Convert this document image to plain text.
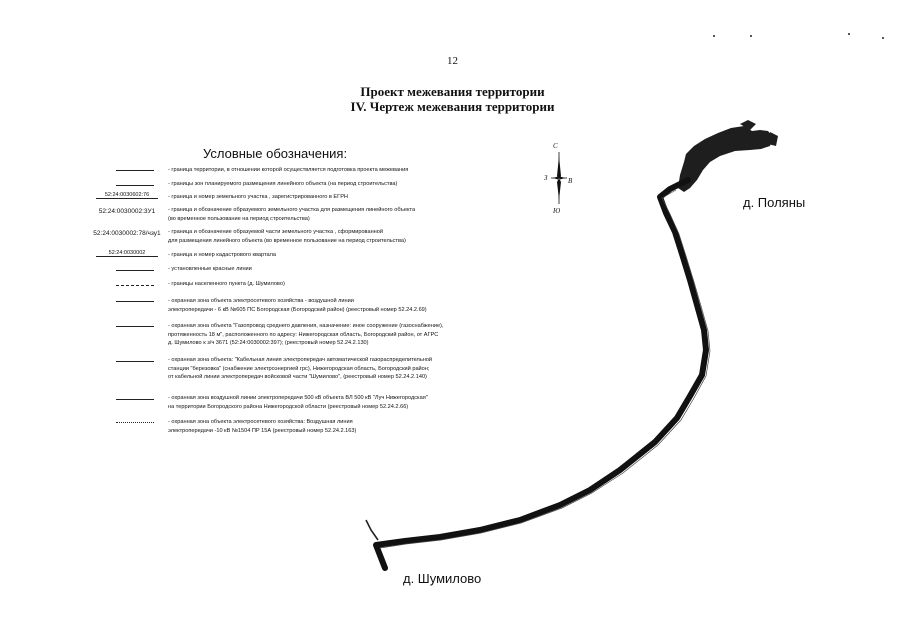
12
Проект межевания территории
IV. Чертеж межевания территории
Условные обозначения:
- граница территории, в отношении которой осуществляется подготовка проекта межевания
- границы зон планируемого размещения линейного объекта (на период строительства)
52:24:0030602:76	- граница и номер земельного участка , зарегистрированного в ЕГРН
52:24:0030002:3У1	- граница и обозначение образуемого земельного участка для размещения линейного объекта
(во временное пользование на период строительства)
52:24:0030002:78/чзу1 - граница и обозначение образуемой части земельного участка , сформированной
для размещения линейного объекта (во временное пользование на период строительства)
52:24:0030002	- граница и номер кадастрового квартала
- установленные красные линии
- границы населенного пункта (д. Шумилово)
- охранная зона объекта электросетевого хозяйства - воздушной линии
электропередачи - 6 кВ №605 ПС Богородская (Богородский район) (реестровый номер 52.24.2.69)
- охранная зона объекта "Газопровод среднего давления, назначение: иное сооружение (газоснабжение),
протяженность 18 м", расположенного по адресу: Нижегородская область, Богородский район, от АГРС
д. Шумилово к з/ч 3671 (52:24:0030002:397); (реестровый номер 52.24.2.130)
- охранная зона объекта: "Кабельная линия электропередач автоматической газораспределительной
станции "березовка" (снабжение электроэнергией грс), Нижегородская область, Богородский район;
от кабельной линии электропередач войсковой части "Шумилово", (реестровый номер 52.24.2.140)
- охранная зона воздушной линии электропередачи 500 кВ объекта ВЛ 500 кВ "Луч Нижегородская"
на территории Богородского района Нижегородской области (реестровый номер 52.24.2.66)
- охранная зона объекта электросетевого хозяйства: Воздушная линия
электропередачи -10 кВ №1504 ПР 15А (реестровый номер 52.24.2.163)
С
З	В
Ю
д. Поляны
д. Шумилово
